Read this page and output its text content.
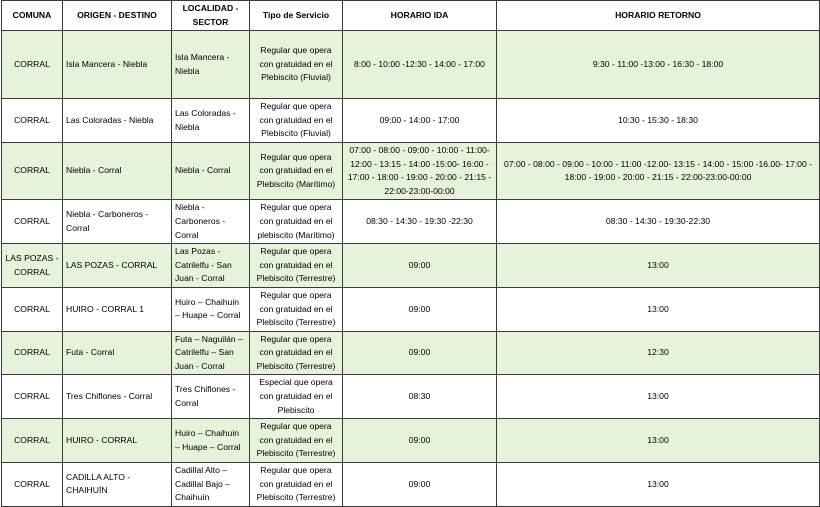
COMUNA	ORIGEN - DESTINO	LOCALIDAD - SECTOR	Tipo de Servicio	HORARIO IDA	HORARIO RETORNO
CORRAL	Isla Mancera - Niebla	Isla Mancera - Niebla	Regular que opera con gratuidad en el Plebiscito (Fluvial)	8:00 - 10:00 -12:30 - 14:00 - 17:00	9:30 - 11:00 -13:00 - 16:30 - 18:00
CORRAL	Las Coloradas - Niebla	Las Coloradas - Niebla	Regular que opera con gratuidad en el Plebiscito (Fluvial)	09:00 - 14:00 - 17:00	10:30 - 15:30 - 18:30
CORRAL	Niebla - Corral	Niebla - Corral	Regular que opera con gratuidad en el Plebiscito (Marítimo)	07:00 - 08:00 - 09:00 - 10:00 - 11:00- 12:00 - 13:15 - 14:00 -15:00- 16:00 - 17:00 - 18:00 - 19:00 - 20:00 - 21:15 - 22:00-23:00-00:00	07:00 - 08:00 - 09:00 - 10:00 - 11:00 -12.00- 13:15 - 14:00 - 15:00 -16.00- 17:00 - 18:00 - 19:00 - 20:00 - 21:15 - 22:00-23:00-00:00
CORRAL	Niebla - Carboneros - Corral	Niebla - Carboneros - Corral	Regular que opera con gratuidad en el plebiscito (Marítimo)	08:30 - 14:30 - 19:30 -22:30	08:30 - 14:30 - 19:30-22:30
LAS POZAS - CORRAL	LAS POZAS - CORRAL	Las Pozas - Catrilelfu - San Juan - Corral	Regular que opera con gratuidad en el Plebiscito (Terrestre)	09:00	13:00
CORRAL	HUIRO - CORRAL 1	Huiro – Chaihuin – Huape – Corral	Regular que opera con gratuidad en el Plebiscito (Terrestre)	09:00	13:00
CORRAL	Futa - Corral	Futa – Naguilán – Catrilelfu – San Juan - Corral	Regular que opera con gratuidad en el Plebiscito (Terrestre)	09:00	12:30
CORRAL	Tres Chiflones - Corral	Tres Chiflones - Corral	Especial que opera con gratuidad en el Plebiscito	08:30	13:00
CORRAL	HUIRO - CORRAL	Huiro – Chaihuin – Huape – Corral	Regular que opera con gratuidad en el Plebiscito (Terrestre)	09:00	13:00
CORRAL	CADILLA ALTO - CHAIHUÍN	Cadillal Alto – Cadillal Bajo – Chaihuín	Regular que opera con gratuidad en el Plebiscito (Terrestre)	09:00	13:00
